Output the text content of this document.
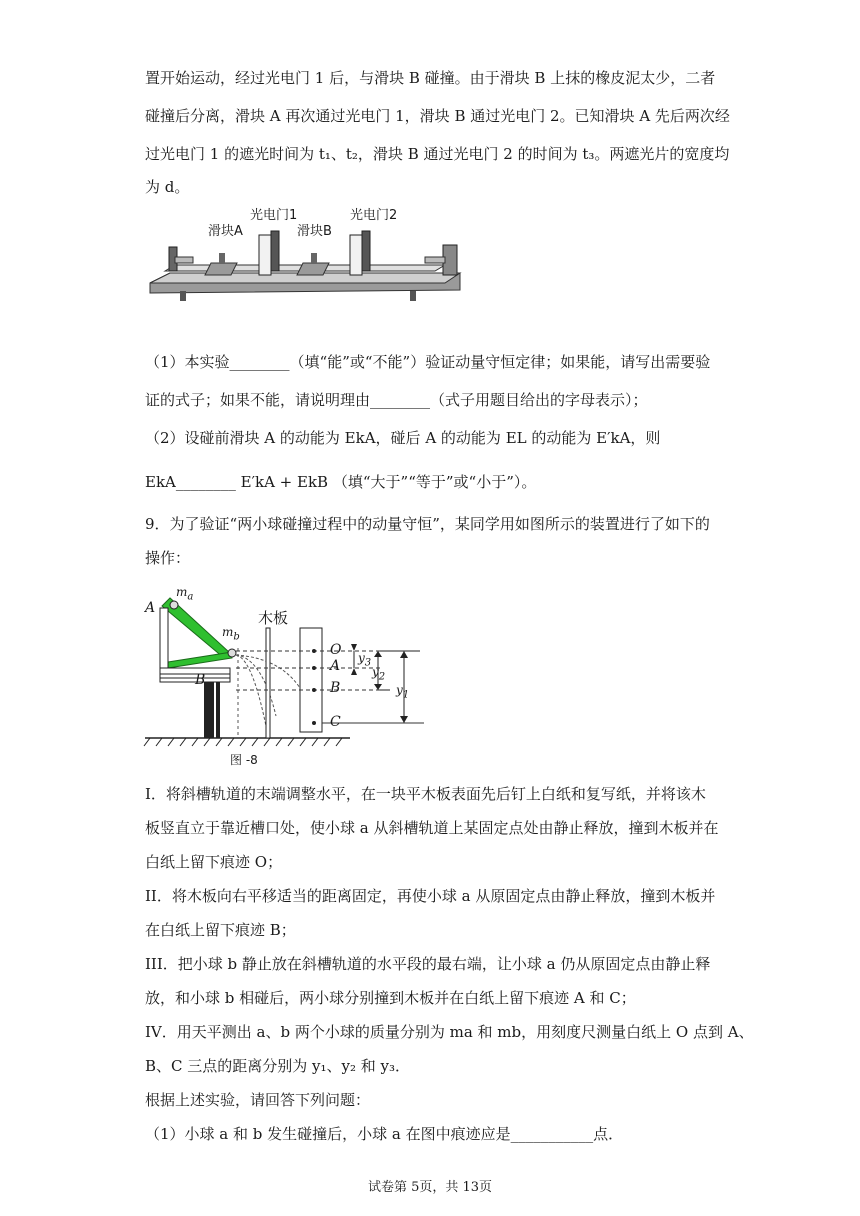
置开始运动，经过光电门 1 后，与滑块 B 碰撞。由于滑块 B 上抹的橡皮泥太少，二者
碰撞后分离，滑块 A 再次通过光电门 1，滑块 B 通过光电门 2。已知滑块 A 先后两次经
过光电门 1 的遮光时间为 t₁、t₂，滑块 B 通过光电门 2 的时间为 t₃。两遮光片的宽度均
为 d。
滑块A
光电门1
滑块B
光电门2
（1）本实验________（填“能”或“不能”）验证动量守恒定律；如果能，请写出需要验
证的式子；如果不能，请说明理由________（式子用题目给出的字母表示）；
（2）设碰前滑块 A 的动能为 EkA，碰后 A 的动能为 EL 的动能为 E′kA，则
EkA________ E′kA + EkB （填“大于”“等于”或“小于”）。
9．为了验证“两小球碰撞过程中的动量守恒”，某同学用如图所示的装置进行了如下的
操作：
$m_a$
A
$m_b$
B
木板
O
A
B
C
$y_3$
$y_2$
$y_1$
图 -8
I．将斜槽轨道的末端调整水平，在一块平木板表面先后钉上白纸和复写纸，并将该木
板竖直立于靠近槽口处，使小球 a 从斜槽轨道上某固定点处由静止释放，撞到木板并在
白纸上留下痕迹 O；
II．将木板向右平移适当的距离固定，再使小球 a 从原固定点由静止释放，撞到木板并
在白纸上留下痕迹 B；
III．把小球 b 静止放在斜槽轨道的水平段的最右端，让小球 a 仍从原固定点由静止释
放，和小球 b 相碰后，两小球分别撞到木板并在白纸上留下痕迹 A 和 C；
IV．用天平测出 a、b 两个小球的质量分别为 ma 和 mb，用刻度尺测量白纸上 O 点到 A、
B、C 三点的距离分别为 y₁、y₂ 和 y₃．
根据上述实验，请回答下列问题：
（1）小球 a 和 b 发生碰撞后，小球 a 在图中痕迹应是___________点．
试卷第 5页，共 13页
